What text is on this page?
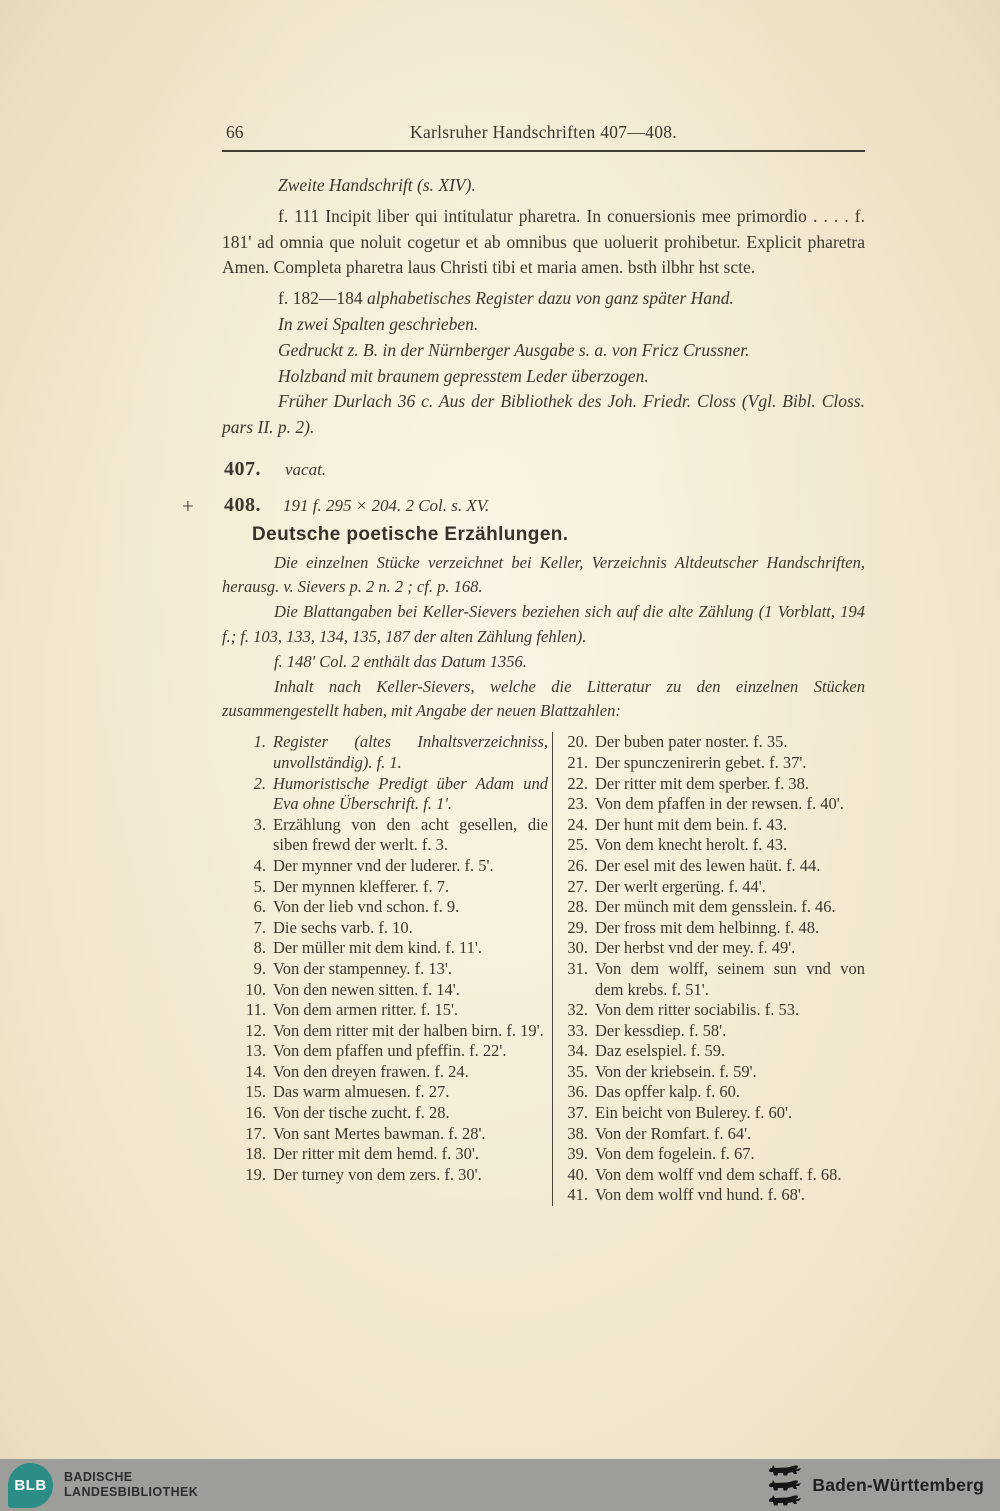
66	Karlsruher Handschriften 407—408.

Zweite Handschrift (s. XIV).

f. 111 Incipit liber qui intitulatur pharetra. In conuersionis mee primordio . . . . f. 181' ad omnia que noluit cogetur et ab omnibus que uoluerit prohibetur. Explicit pharetra Amen. Completa pharetra laus Christi tibi et maria amen. bsth ilbhr hst scte.

f. 182—184 alphabetisches Register dazu von ganz später Hand.

In zwei Spalten geschrieben.

Gedruckt z. B. in der Nürnberger Ausgabe s. a. von Fricz Crussner.

Holzband mit braunem gepresstem Leder überzogen.

Früher Durlach 36 c. Aus der Bibliothek des Joh. Friedr. Closs (Vgl. Bibl. Closs. pars II. p. 2).

407. vacat.
+ 408. 191 f. 295 × 204. 2 Col. s. XV.
Deutsche poetische Erzählungen.

Die einzelnen Stücke verzeichnet bei Keller, Verzeichnis Altdeutscher Handschriften, herausg. v. Sievers p. 2 n. 2 ; cf. p. 168.

Die Blattangaben bei Keller-Sievers beziehen sich auf die alte Zählung (1 Vorblatt, 194 f.; f. 103, 133, 134, 135, 187 der alten Zählung fehlen).

f. 148' Col. 2 enthält das Datum 1356.

Inhalt nach Keller-Sievers, welche die Litteratur zu den einzelnen Stücken zusammengestellt haben, mit Angabe der neuen Blattzahlen:

1. Register (altes Inhaltsverzeichniss, unvollständig). f. 1.
2. Humoristische Predigt über Adam und Eva ohne Überschrift. f. 1'.
3. Erzählung von den acht gesellen, die siben frewd der werlt. f. 3.
4. Der mynner vnd der luderer. f. 5'.
5. Der mynnen klefferer. f. 7.
6. Von der lieb vnd schon. f. 9.
7. Die sechs varb. f. 10.
8. Der müller mit dem kind. f. 11'.
9. Von der stampenney. f. 13'.
10. Von den newen sitten. f. 14'.
11. Von dem armen ritter. f. 15'.
12. Von dem ritter mit der halben birn. f. 19'.
13. Von dem pfaffen und pfeffin. f. 22'.
14. Von den dreyen frawen. f. 24.
15. Das warm almuesen. f. 27.
16. Von der tische zucht. f. 28.
17. Von sant Mertes bawman. f. 28'.
18. Der ritter mit dem hemd. f. 30'.
19. Der turney von dem zers. f. 30'.
20. Der buben pater noster. f. 35.
21. Der spunczenirerin gebet. f. 37'.
22. Der ritter mit dem sperber. f. 38.
23. Von dem pfaffen in der rewsen. f. 40'.
24. Der hunt mit dem bein. f. 43.
25. Von dem knecht herolt. f. 43.
26. Der esel mit des lewen haüt. f. 44.
27. Der werlt ergerüng. f. 44'.
28. Der münch mit dem gensslein. f. 46.
29. Der fross mit dem helbinng. f. 48.
30. Der herbst vnd der mey. f. 49'.
31. Von dem wolff, seinem sun vnd von dem krebs. f. 51'.
32. Von dem ritter sociabilis. f. 53.
33. Der kessdiep. f. 58'.
34. Daz eselspiel. f. 59.
35. Von der kriebsein. f. 59'.
36. Das opffer kalp. f. 60.
37. Ein beicht von Bulerey. f. 60'.
38. Von der Romfart. f. 64'.
39. Von dem fogelein. f. 67.
40. Von dem wolff vnd dem schaff. f. 68.
41. Von dem wolff vnd hund. f. 68'.
BLB BADISCHE
LANDESBIBLIOTHEK	Baden-Württemberg
